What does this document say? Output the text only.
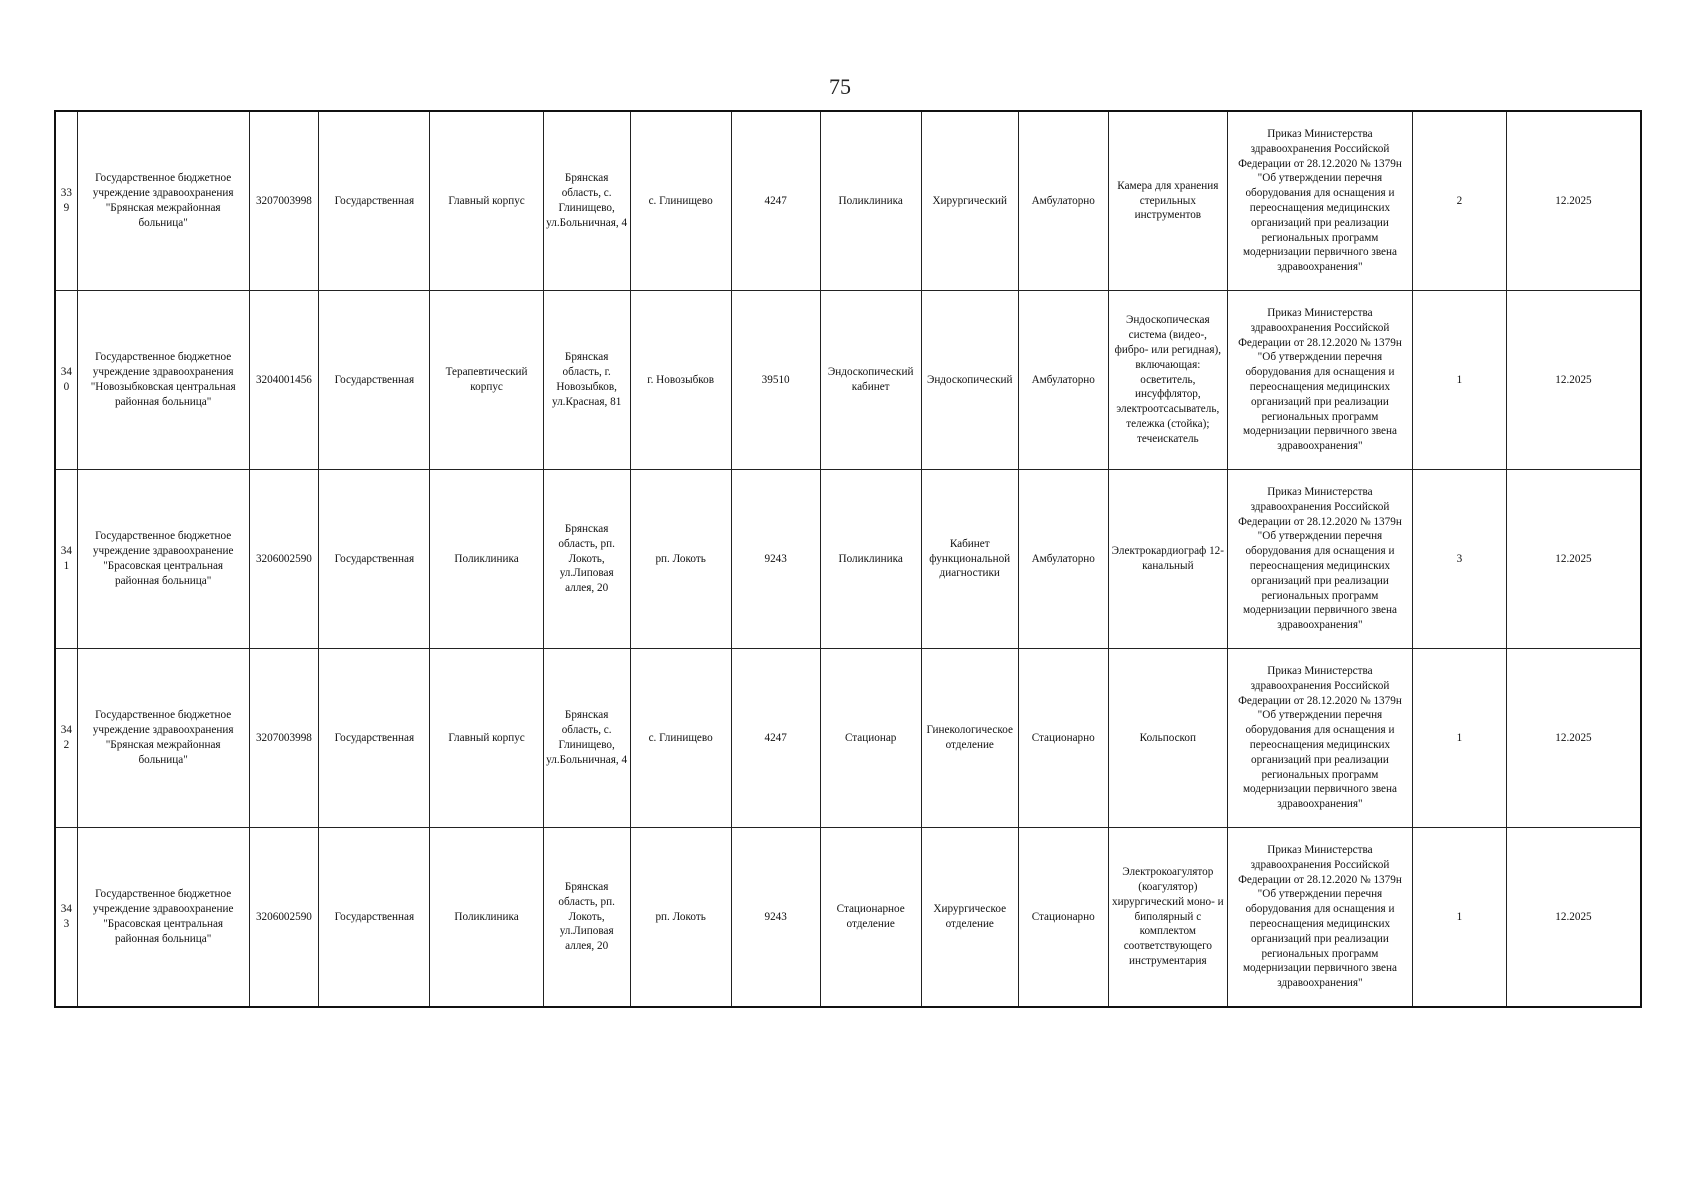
75
339	Государственное бюджетное учреждение здравоохранения "Брянская межрайонная больница"	3207003998	Государственная	Главный корпус	Брянская область, с. Глинищево, ул.Больничная, 4	с. Глинищево	4247	Поликлиника	Хирургический	Амбулаторно	Камера для хранения стерильных инструментов	Приказ Министерства здравоохранения Российской Федерации от 28.12.2020 № 1379н "Об утверждении перечня оборудования для оснащения и переоснащения медицинских организаций при реализации региональных программ модернизации первичного звена здравоохранения"	2	12.2025
340	Государственное бюджетное учреждение здравоохранения "Новозыбковская центральная районная больница"	3204001456	Государственная	Терапевтический корпус	Брянская область, г. Новозыбков, ул.Красная, 81	г. Новозыбков	39510	Эндоскопический кабинет	Эндоскопический	Амбулаторно	Эндоскопическая система (видео-, фибро- или регидная), включающая: осветитель, инсуффлятор, электроотсасыватель, тележка (стойка); течеискатель	Приказ Министерства здравоохранения Российской Федерации от 28.12.2020 № 1379н "Об утверждении перечня оборудования для оснащения и переоснащения медицинских организаций при реализации региональных программ модернизации первичного звена здравоохранения"	1	12.2025
341	Государственное бюджетное учреждение здравоохранение "Брасовская центральная районная больница"	3206002590	Государственная	Поликлиника	Брянская область, рп. Локоть, ул.Липовая аллея, 20	рп. Локоть	9243	Поликлиника	Кабинет функциональной диагностики	Амбулаторно	Электрокардиограф 12-канальный	Приказ Министерства здравоохранения Российской Федерации от 28.12.2020 № 1379н "Об утверждении перечня оборудования для оснащения и переоснащения медицинских организаций при реализации региональных программ модернизации первичного звена здравоохранения"	3	12.2025
342	Государственное бюджетное учреждение здравоохранения "Брянская межрайонная больница"	3207003998	Государственная	Главный корпус	Брянская область, с. Глинищево, ул.Больничная, 4	с. Глинищево	4247	Стационар	Гинекологическое отделение	Стационарно	Кольпоскоп	Приказ Министерства здравоохранения Российской Федерации от 28.12.2020 № 1379н "Об утверждении перечня оборудования для оснащения и переоснащения медицинских организаций при реализации региональных программ модернизации первичного звена здравоохранения"	1	12.2025
343	Государственное бюджетное учреждение здравоохранение "Брасовская центральная районная больница"	3206002590	Государственная	Поликлиника	Брянская область, рп. Локоть, ул.Липовая аллея, 20	рп. Локоть	9243	Стационарное отделение	Хирургическое отделение	Стационарно	Электрокоагулятор (коагулятор) хирургический моно- и биполярный с комплектом соответствующего инструментария	Приказ Министерства здравоохранения Российской Федерации от 28.12.2020 № 1379н "Об утверждении перечня оборудования для оснащения и переоснащения медицинских организаций при реализации региональных программ модернизации первичного звена здравоохранения"	1	12.2025
